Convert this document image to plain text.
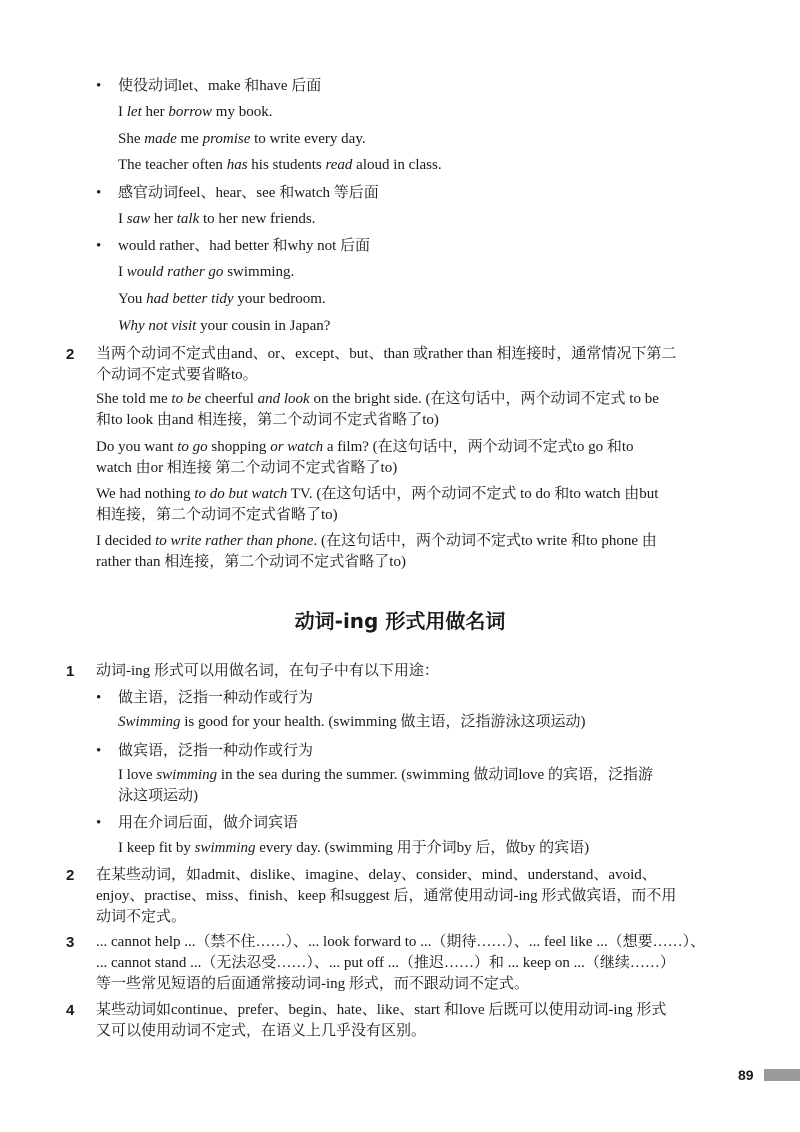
• 使役动词let、make 和have 后面
I let her borrow my book.
She made me promise to write every day.
The teacher often has his students read aloud in class.
• 感官动词feel、hear、see 和watch 等后面
I saw her talk to her new friends.
• would rather、had better 和why not 后面
I would rather go swimming.
You had better tidy your bedroom.
Why not visit your cousin in Japan?
2 当两个动词不定式由and、or、except、but、than 或rather than 相连接时，通常情况下第二
个动词不定式要省略to。
She told me to be cheerful and look on the bright side. (在这句话中，两个动词不定式 to be
和to look 由and 相连接，第二个动词不定式省略了to)
Do you want to go shopping or watch a film? (在这句话中，两个动词不定式to go 和to
watch 由or 相连接 第二个动词不定式省略了to)
We had nothing to do but watch TV. (在这句话中，两个动词不定式 to do 和to watch 由but
相连接，第二个动词不定式省略了to)
I decided to write rather than phone. (在这句话中，两个动词不定式to write 和to phone 由
rather than 相连接，第二个动词不定式省略了to)
动词-ing 形式用做名词
1 动词-ing 形式可以用做名词，在句子中有以下用途：
• 做主语，泛指一种动作或行为
Swimming is good for your health. (swimming 做主语，泛指游泳这项运动)
• 做宾语，泛指一种动作或行为
I love swimming in the sea during the summer. (swimming 做动词love 的宾语，泛指游
泳这项运动)
• 用在介词后面，做介词宾语
I keep fit by swimming every day. (swimming 用于介词by 后，做by 的宾语)
2 在某些动词，如admit、dislike、imagine、delay、consider、mind、understand、avoid、
enjoy、practise、miss、finish、keep 和suggest 后，通常使用动词-ing 形式做宾语，而不用
动词不定式。
3 ... cannot help ...（禁不住……）、... look forward to ...（期待……）、... feel like ...（想要……）、
... cannot stand ...（无法忍受……）、... put off ...（推迟……）和 ... keep on ...（继续……）
等一些常见短语的后面通常接动词-ing 形式，而不跟动词不定式。
4 某些动词如continue、prefer、begin、hate、like、start 和love 后既可以使用动词-ing 形式
又可以使用动词不定式，在语义上几乎没有区别。
89
